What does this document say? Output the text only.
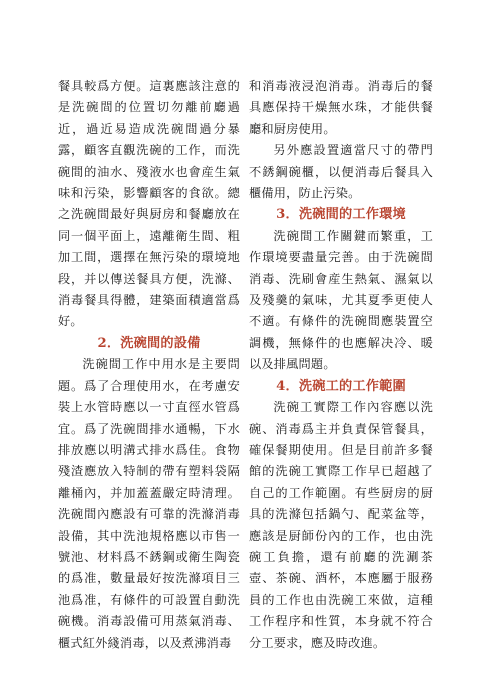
餐具較爲方便。這裏應該注意的是洗碗間的位置切勿離前廳過近，過近易造成洗碗間過分暴露，顧客直觀洗碗的工作，而洗碗間的油水、殘液水也會産生氣味和污染，影響顧客的食欲。總之洗碗間最好與厨房和餐廳放在同一個平面上，遠離衛生間、粗加工間，選擇在無污染的環境地段，并以傳送餐具方便，洗滌、消毒餐具得體，建築面積適當爲好。

2．洗碗間的設備

洗碗間工作中用水是主要問題。爲了合理使用水，在考慮安裝上水管時應以一寸直徑水管爲宜。爲了洗碗間排水通暢，下水排放應以明溝式排水爲佳。食物殘渣應放入特制的帶有塑料袋隔離桶內，并加蓋蓋嚴定時清理。洗碗間內應設有可靠的洗滌消毒設備，其中洗池規格應以市售一號池、材料爲不銹鋼或衛生陶瓷的爲准，數量最好按洗滌項目三池爲准，有條件的可設置自動洗碗機。消毒設備可用蒸氣消毒、櫃式紅外綫消毒，以及煮沸消毒

和消毒液浸泡消毒。消毒后的餐具應保持干燥無水珠，才能供餐廳和厨房使用。

另外應設置適當尺寸的帶門不銹鋼碗櫃，以便消毒后餐具入櫃備用，防止污染。

3．洗碗間的工作環境

洗碗間工作關鍵而繁重，工作環境要盡量完善。由于洗碗間消毒、洗刷會産生熱氣、濕氣以及殘羹的氣味，尤其夏季更使人不適。有條件的洗碗間應裝置空調機，無條件的也應解决冷、暖以及排風問題。

4．洗碗工的工作範圍

洗碗工實際工作內容應以洗碗、消毒爲主并負責保管餐具，確保餐期使用。但是目前許多餐館的洗碗工實際工作早已超越了自己的工作範圍。有些厨房的厨具的洗滌包括鍋勺、配菜盆等，應該是厨師份內的工作，也由洗碗工負擔，還有前廳的洗涮茶壺、茶碗、酒杯，本應屬于服務員的工作也由洗碗工來做，這種工作程序和性質，本身就不符合分工要求，應及時改進。
